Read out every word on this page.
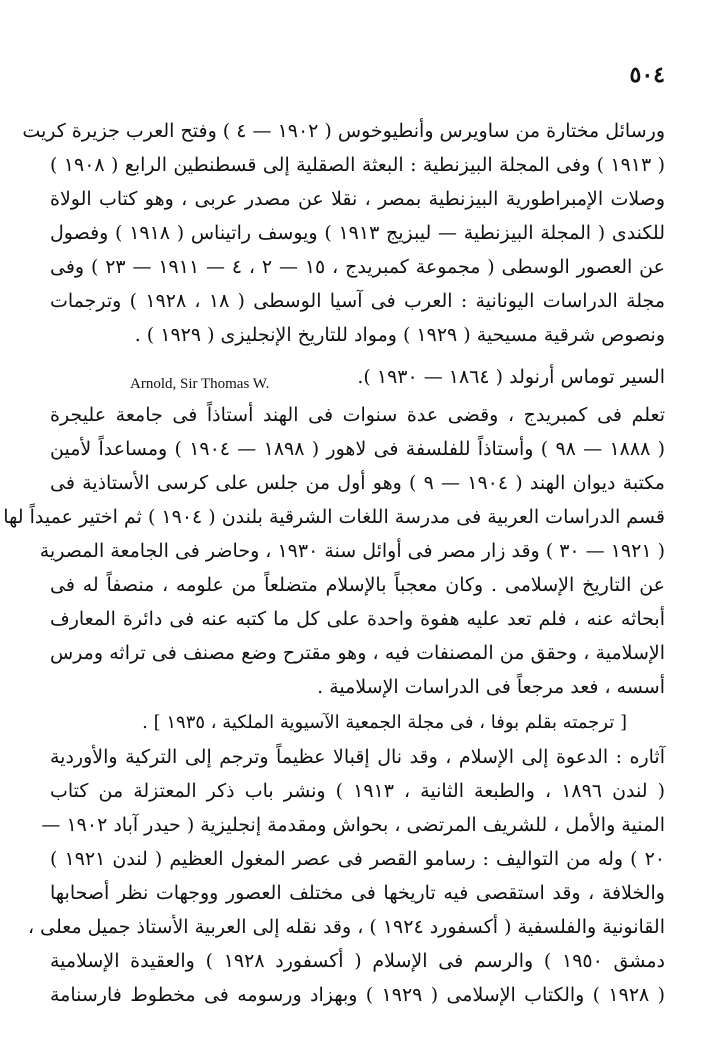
٥٠٤
ورسائل مختارة من ساويرس وأنطيوخوس ( ١٩٠٢ — ٤ ) وفتح العرب جزيرة كريت
( ١٩١٣ ) وفى المجلة البيزنطية : البعثة الصقلية إلى قسطنطين الرابع ( ١٩٠٨ )
وصلات الإمبراطورية البيزنطية بمصر ، نقلا عن مصدر عربى ، وهو كتاب الولاة
للكندى ( المجلة البيزنطية — ليبزيج ١٩١٣ ) ويوسف راتيناس ( ١٩١٨ ) وفصول
عن العصور الوسطى ( مجموعة كمبريدج ، ١٥ — ٢ ، ٤ — ١٩١١ — ٢٣ ) وفى
مجلة الدراسات اليونانية : العرب فى آسيا الوسطى ( ١٨ ، ١٩٢٨ ) وترجمات
ونصوص شرقية مسيحية ( ١٩٢٩ ) ومواد للتاريخ الإنجليزى ( ١٩٢٩ ) .
السير توماس أرنولد ( ١٨٦٤ — ١٩٣٠ ).
Arnold, Sir Thomas W.
تعلم فى كمبريدج ، وقضى عدة سنوات فى الهند أستاذاً فى جامعة عليجرة
( ١٨٨٨ — ٩٨ ) وأستاذاً للفلسفة فى لاهور ( ١٨٩٨ — ١٩٠٤ ) ومساعداً لأمين
مكتبة ديوان الهند ( ١٩٠٤ — ٩ ) وهو أول من جلس على كرسى الأستاذية فى
قسم الدراسات العربية فى مدرسة اللغات الشرقية بلندن ( ١٩٠٤ ) ثم اختير عميداً لها
( ١٩٢١ — ٣٠ ) وقد زار مصر فى أوائل سنة ١٩٣٠ ، وحاضر فى الجامعة المصرية
عن التاريخ الإسلامى . وكان معجباً بالإسلام متضلعاً من علومه ، منصفاً له فى
أبحاثه عنه ، فلم تعد عليه هفوة واحدة على كل ما كتبه عنه فى دائرة المعارف
الإسلامية ، وحقق من المصنفات فيه ، وهو مقترح وضع مصنف فى تراثه ومرس
أسسه ، فعد مرجعاً فى الدراسات الإسلامية .
[ ترجمته بقلم بوفا ، فى مجلة الجمعية الآسيوية الملكية ، ١٩٣٥ ] .
آثاره : الدعوة إلى الإسلام ، وقد نال إقبالا عظيماً وترجم إلى التركية والأوردية
( لندن ١٨٩٦ ، والطبعة الثانية ، ١٩١٣ ) ونشر باب ذكر المعتزلة من كتاب
المنية والأمل ، للشريف المرتضى ، بحواش ومقدمة إنجليزية ( حيدر آباد ١٩٠٢ —
٢٠ ) وله من التواليف : رسامو القصر فى عصر المغول العظيم ( لندن ١٩٢١ )
والخلافة ، وقد استقصى فيه تاريخها فى مختلف العصور ووجهات نظر أصحابها
القانونية والفلسفية ( أكسفورد ١٩٢٤ ) ، وقد نقله إلى العربية الأستاذ جميل معلى ،
دمشق ١٩٥٠ ) والرسم فى الإسلام ( أكسفورد ١٩٢٨ ) والعقيدة الإسلامية
( ١٩٢٨ ) والكتاب الإسلامى ( ١٩٢٩ ) وبهزاد ورسومه فى مخطوط فارسنامة
